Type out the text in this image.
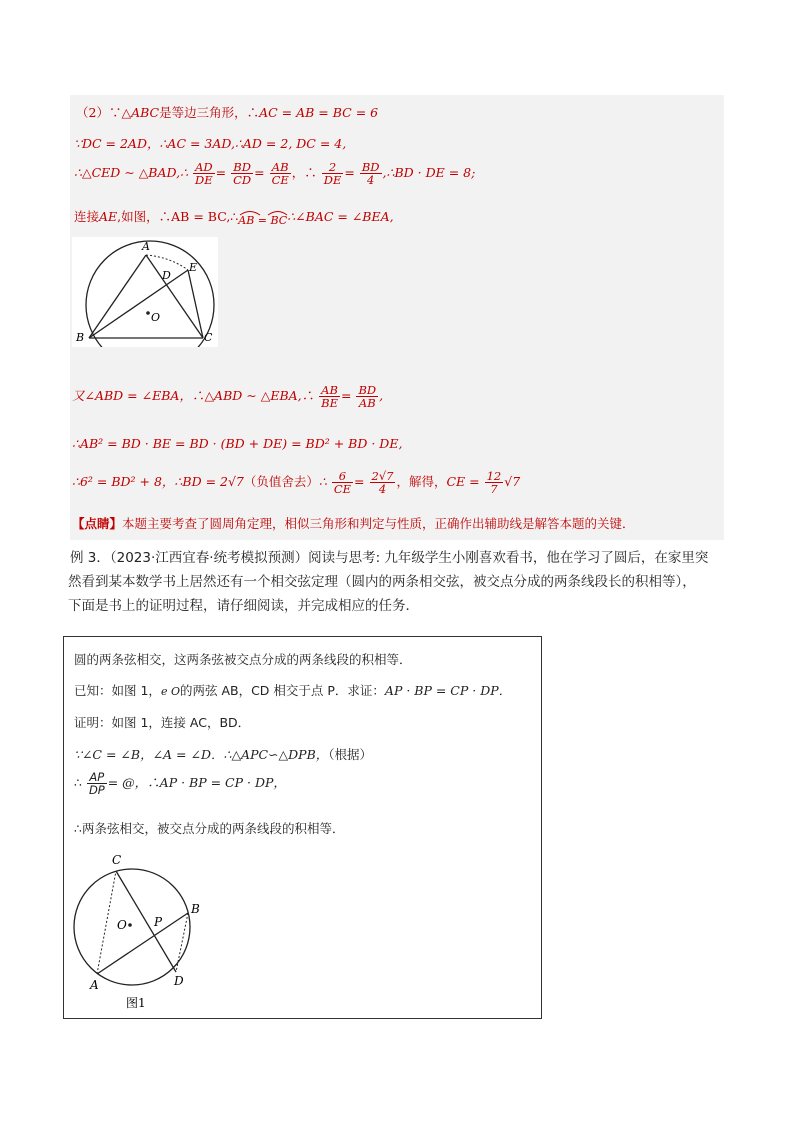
（2）∵△ABC是等边三角形，∴AC = AB = BC = 6
∵DC = 2AD，∴AC = 3AD,∴AD = 2, DC = 4,
∴△CED ∼ △BAD,∴ $\frac{AD}{DE} = \frac{BD}{CD} = \frac{AB}{CE}$ ，∴ $\frac{2}{DE} = \frac{BD}{4}$ ,∴BD · DE = 8;
连接AE,如图，∴AB = BC,∴
AB = BC∴∠BAC = ∠BEA,
A
B	C
D
E
O
又∠ABD = ∠EBA，∴△ABD ∼ △EBA,∴ $\frac{AB}{BE} = \frac{BD}{AB}$ ,
∴AB² = BD · BE = BD · (BD + DE) = BD² + BD · DE,
∴6² = BD² + 8，∴BD = 2√7（负值舍去）∴ $\frac{6}{CE} = \frac{2√7}{4}$ ，解得，CE = $\frac{12}{7} √7$
【点睛】本题主要考查了圆周角定理，相似三角形和判定与性质，正确作出辅助线是解答本题的关键．
例 3．（2023·江西宜春·统考模拟预测）阅读与思考: 九年级学生小刚喜欢看书，他在学习了圆后，在家里突
然看到某本数学书上居然还有一个相交弦定理（圆内的两条相交弦，被交点分成的两条线段长的积相等），
下面是书上的证明过程，请仔细阅读，并完成相应的任务．
圆的两条弦相交，这两条弦被交点分成的两条线段的积相等．
已知：如图 1，e O的两弦 AB，CD 相交于点 P．求证：AP · BP = CP · DP．
证明：如图 1，连接 AC，BD．
∵∠C = ∠B，∠A = ∠D．∴△APC∽△DPB，（根据）
∴ $\frac{AP}{DP}$ = @，∴AP · BP = CP · DP，
∴两条弦相交，被交点分成的两条线段的积相等．
C
B
O P
A	D
图1
